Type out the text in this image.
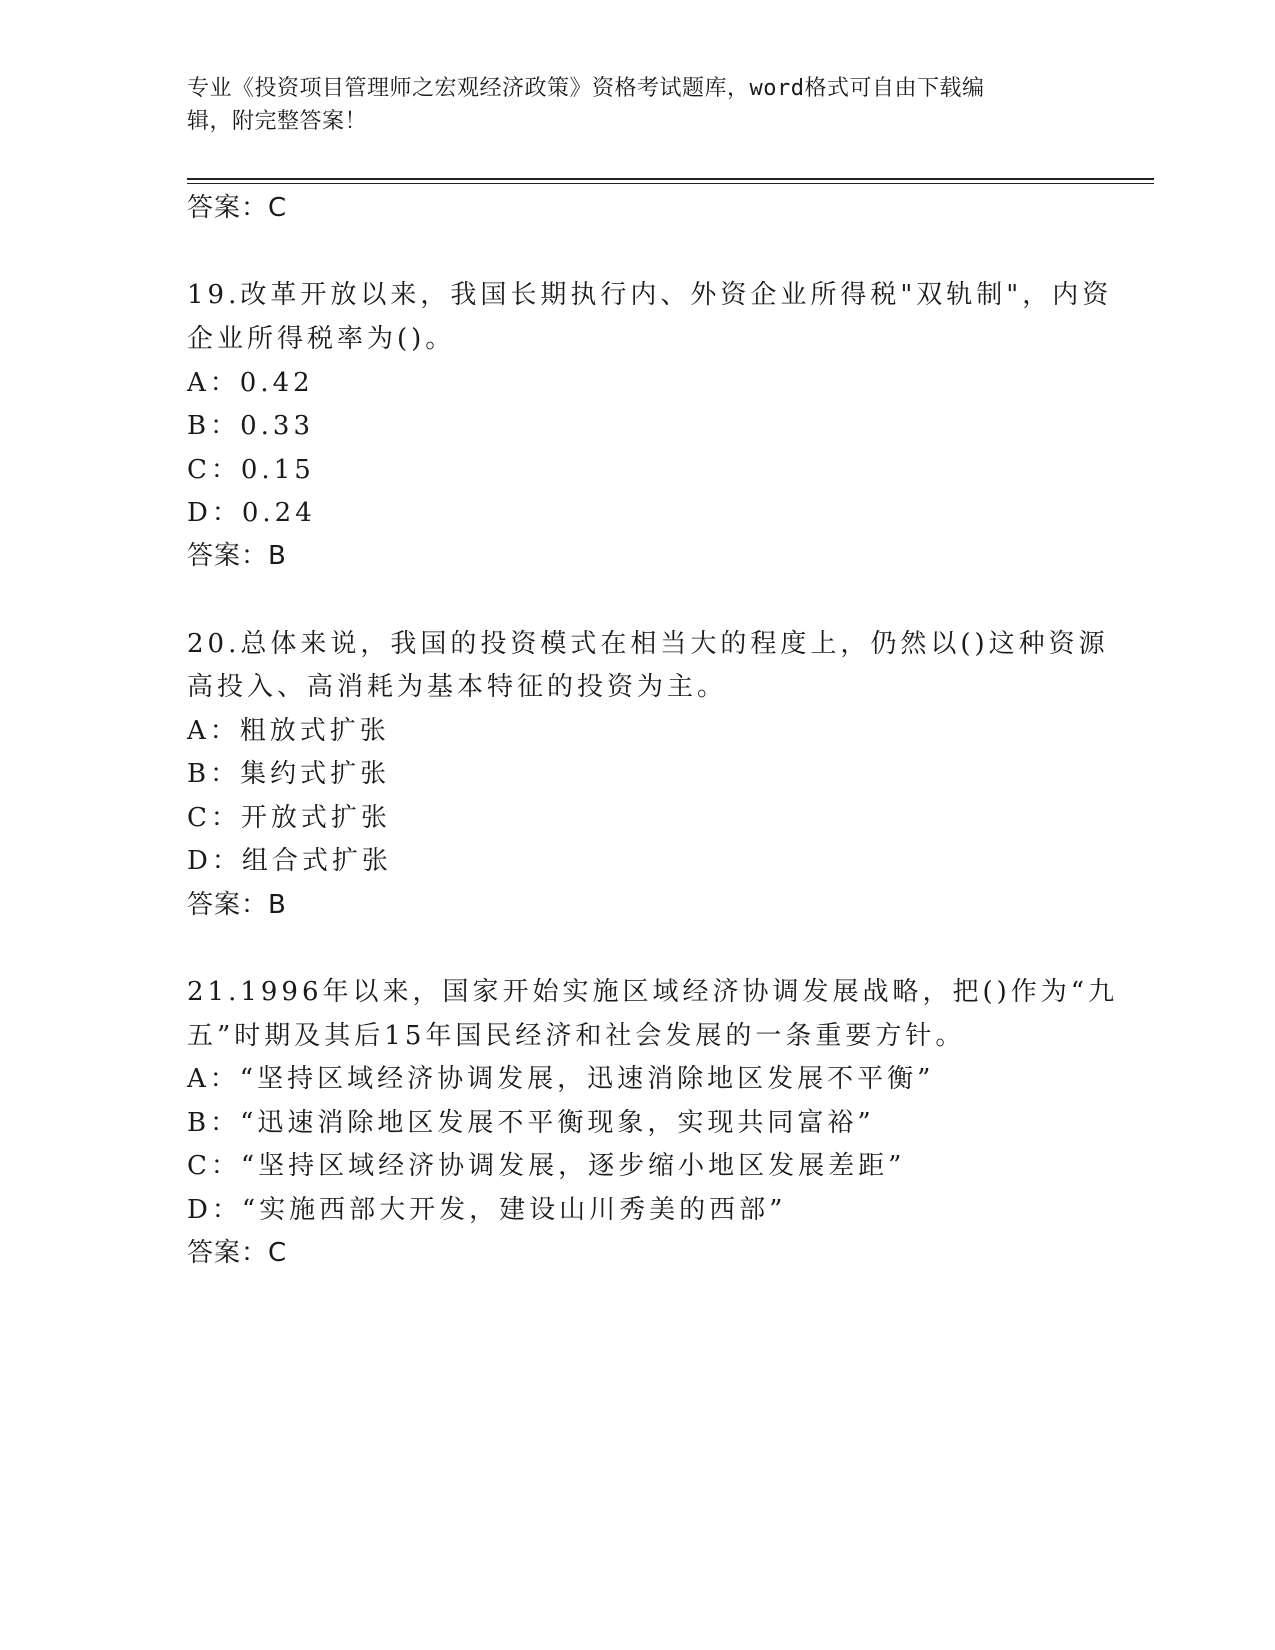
专业《投资项目管理师之宏观经济政策》资格考试题库，word格式可自由下载编
辑，附完整答案！
答案：C
19.改革开放以来，我国长期执行内、外资企业所得税"双轨制"，内资
企业所得税率为()。
A：0.42
B：0.33
C：0.15
D：0.24
答案：B
20.总体来说，我国的投资模式在相当大的程度上，仍然以()这种资源
高投入、高消耗为基本特征的投资为主。
A：粗放式扩张
B：集约式扩张
C：开放式扩张
D：组合式扩张
答案：B
21.1996年以来，国家开始实施区域经济协调发展战略，把()作为“九
五”时期及其后15年国民经济和社会发展的一条重要方针。
A：“坚持区域经济协调发展，迅速消除地区发展不平衡”
B：“迅速消除地区发展不平衡现象，实现共同富裕”
C：“坚持区域经济协调发展，逐步缩小地区发展差距”
D：“实施西部大开发，建设山川秀美的西部”
答案：C
